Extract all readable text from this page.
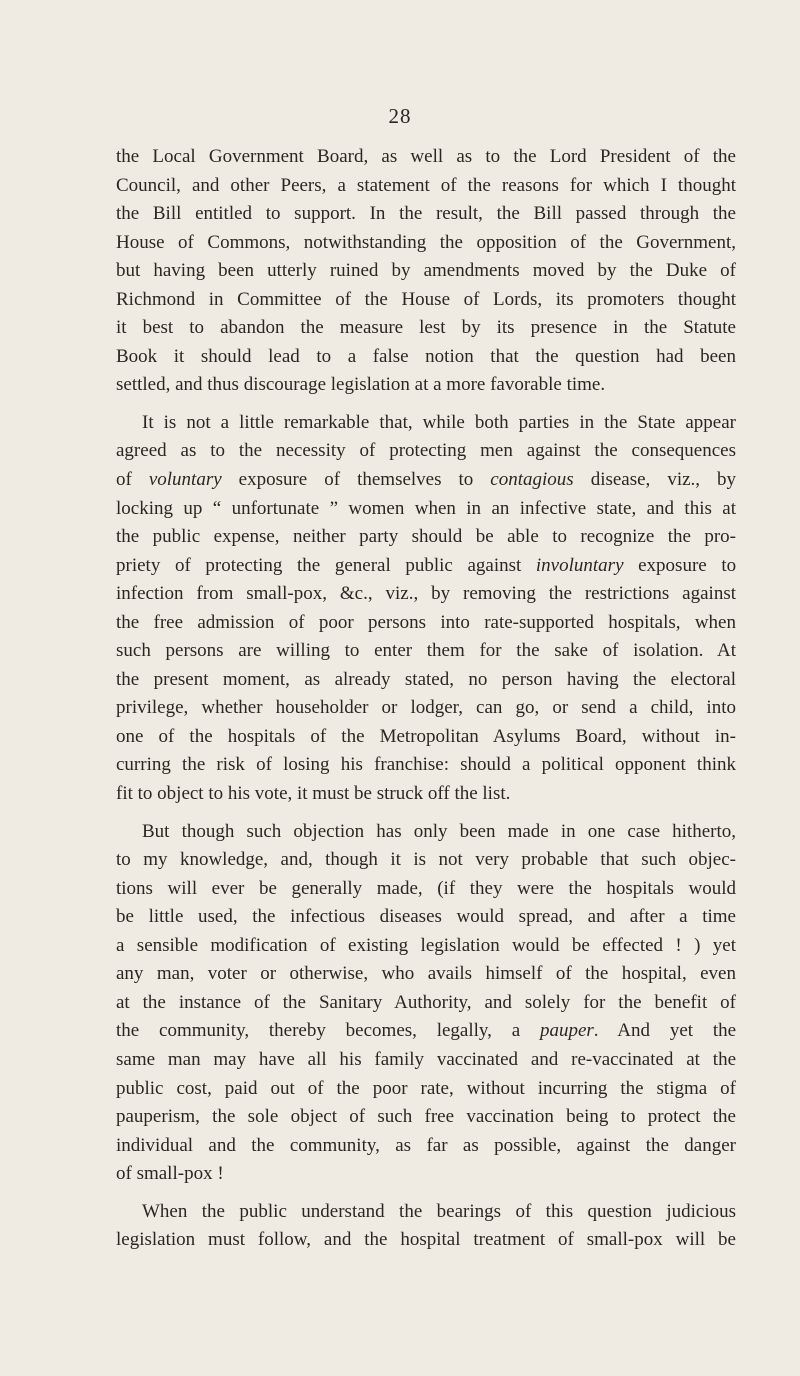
28
the Local Government Board, as well as to the Lord President of the
Council, and other Peers, a statement of the reasons for which I thought
the Bill entitled to support. In the result, the Bill passed through the
House of Commons, notwithstanding the opposition of the Government,
but having been utterly ruined by amendments moved by the Duke of
Richmond in Committee of the House of Lords, its promoters thought
it best to abandon the measure lest by its presence in the Statute
Book it should lead to a false notion that the question had been
settled, and thus discourage legislation at a more favorable time.
It is not a little remarkable that, while both parties in the State appear
agreed as to the necessity of protecting men against the consequences
of voluntary exposure of themselves to contagious disease, viz., by
locking up “ unfortunate ” women when in an infective state, and this at
the public expense, neither party should be able to recognize the pro-
priety of protecting the general public against involuntary exposure to
infection from small-pox, &c., viz., by removing the restrictions against
the free admission of poor persons into rate-supported hospitals, when
such persons are willing to enter them for the sake of isolation. At
the present moment, as already stated, no person having the electoral
privilege, whether householder or lodger, can go, or send a child, into
one of the hospitals of the Metropolitan Asylums Board, without in-
curring the risk of losing his franchise: should a political opponent think
fit to object to his vote, it must be struck off the list.
But though such objection has only been made in one case hitherto,
to my knowledge, and, though it is not very probable that such objec-
tions will ever be generally made, (if they were the hospitals would
be little used, the infectious diseases would spread, and after a time
a sensible modification of existing legislation would be effected ! ) yet
any man, voter or otherwise, who avails himself of the hospital, even
at the instance of the Sanitary Authority, and solely for the benefit of
the community, thereby becomes, legally, a pauper. And yet the
same man may have all his family vaccinated and re-vaccinated at the
public cost, paid out of the poor rate, without incurring the stigma of
pauperism, the sole object of such free vaccination being to protect the
individual and the community, as far as possible, against the danger
of small-pox !
When the public understand the bearings of this question judicious
legislation must follow, and the hospital treatment of small-pox will be
